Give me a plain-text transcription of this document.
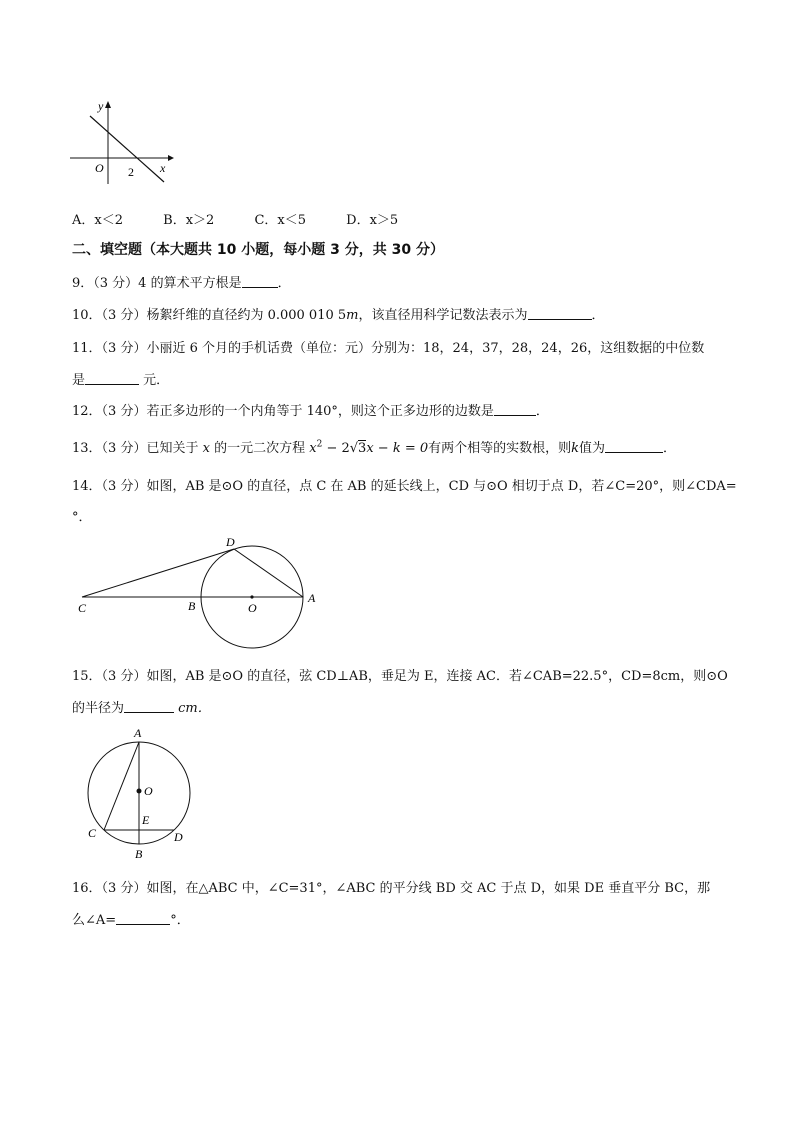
y
x
O 2
A．x＜2	B．x＞2	C．x＜5	D．x＞5
二、填空题（本大题共 10 小题，每小题 3 分，共 30 分）
9．（3 分）4 的算术平方根是	．
10．（3 分）杨絮纤维的直径约为 0.000 010 5m，该直径用科学记数法表示为	．
11．（3 分）小丽近 6 个月的手机话费（单位：元）分别为：18，24，37，28，24，26，这组数据的中位数
是	元．
12．（3 分）若正多边形的一个内角等于 140°，则这个正多边形的边数是	．
13．（3 分）已知关于 x 的一元二次方程 $x^2 - 2√3x - k = 0$有两个相等的实数根，则k值为	．
14．（3 分）如图，AB 是⊙O 的直径，点 C 在 AB 的延长线上，CD 与⊙O 相切于点 D，若∠C=20°，则∠CDA=
°．
C	B	O
A
D
15．（3 分）如图，AB 是⊙O 的直径，弦 CD⊥AB，垂足为 E，连接 AC．若∠CAB=22.5°，CD=8cm，则⊙O
的半径为	cm．
A
O
E
C	D
B
16．（3 分）如图，在△ABC 中，∠C=31°，∠ABC 的平分线 BD 交 AC 于点 D，如果 DE 垂直平分 BC，那
么∠A=	°．
